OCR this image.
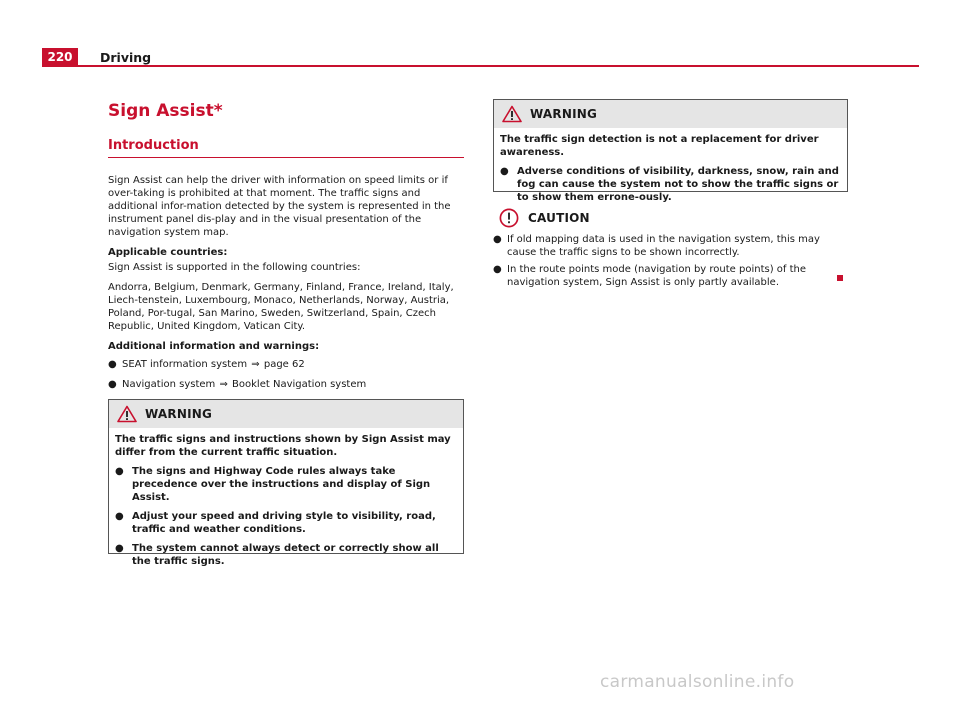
220	Driving
Sign Assist*
Introduction

Sign Assist can help the driver with information on speed limits or if over-taking is prohibited at that moment. The traffic signs and additional infor-mation detected by the system is represented in the instrument panel dis-play and in the visual presentation of the navigation system map.

Applicable countries:

Sign Assist is supported in the following countries:

Andorra, Belgium, Denmark, Germany, Finland, France, Ireland, Italy, Liech-tenstein, Luxembourg, Monaco, Netherlands, Norway, Austria, Poland, Por-tugal, San Marino, Sweden, Switzerland, Spain, Czech Republic, United Kingdom, Vatican City.

Additional information and warnings:

● SEAT information system ⇒ page 62
● Navigation system ⇒ Booklet Navigation system
WARNING

The traffic signs and instructions shown by Sign Assist may differ from the current traffic situation.

● The signs and Highway Code rules always take precedence over the instructions and display of Sign Assist.
● Adjust your speed and driving style to visibility, road, traffic and weather conditions.
● The system cannot always detect or correctly show all the traffic signs.
WARNING

The traffic sign detection is not a replacement for driver awareness.

● Adverse conditions of visibility, darkness, snow, rain and fog can cause the system not to show the traffic signs or to show them errone-ously.
CAUTION
● If old mapping data is used in the navigation system, this may cause the traffic signs to be shown incorrectly.
● In the route points mode (navigation by route points) of the navigation system, Sign Assist is only partly available.
carmanualsonline.info
